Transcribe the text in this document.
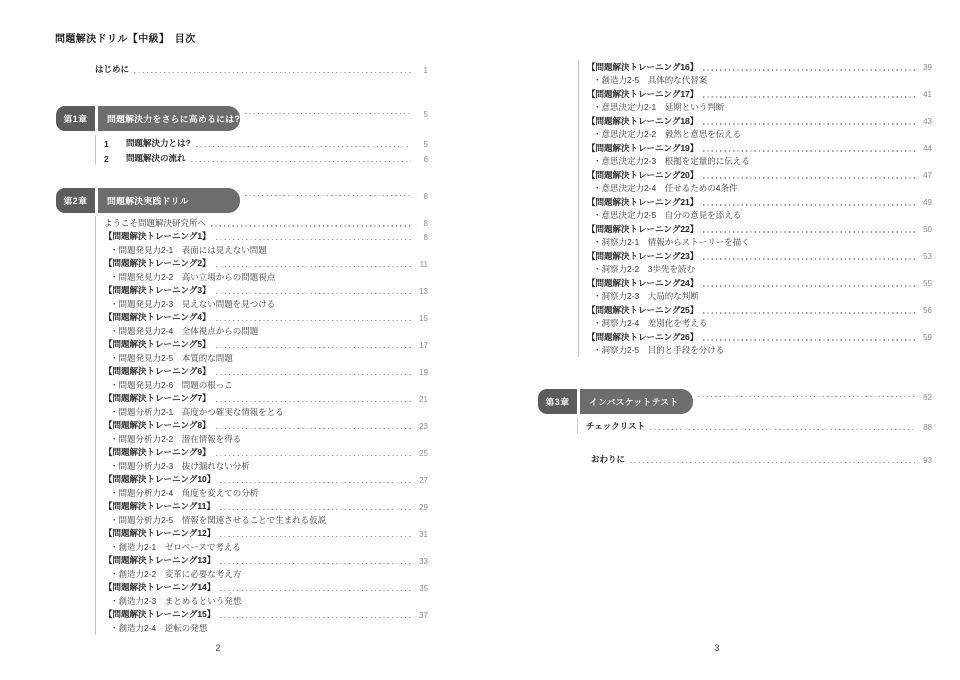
問題解決ドリル【中級】　目次
はじめに	1
第1章	問題解決力をさらに高めるには?	5
1	問題解決力とは?	5
2	問題解決の流れ	6
第2章	問題解決実践ドリル	8
ようこそ問題解決研究所へ	8
【問題解決トレーニング1】	8
・問題発見力2-1　表面には見えない問題
【問題解決トレーニング2】	11
・問題発見力2-2　高い立場からの問題視点
【問題解決トレーニング3】	13
・問題発見力2-3　見えない問題を見つける
【問題解決トレーニング4】	15
・問題発見力2-4　全体視点からの問題
【問題解決トレーニング5】	17
・問題発見力2-5　本質的な問題
【問題解決トレーニング6】	19
・問題発見力2-6　問題の根っこ
【問題解決トレーニング7】	21
・問題分析力2-1　高度かつ確実な情報をとる
【問題解決トレーニング8】	23
・問題分析力2-2　潜在情報を得る
【問題解決トレーニング9】	25
・問題分析力2-3　抜け漏れない分析
【問題解決トレーニング10】	27
・問題分析力2-4　角度を変えての分析
【問題解決トレーニング11】	29
・問題分析力2-5　情報を関連させることで生まれる仮説
【問題解決トレーニング12】	31
・創造力2-1　ゼロベースで考える
【問題解決トレーニング13】	33
・創造力2-2　変革に必要な考え方
【問題解決トレーニング14】	35
・創造力2-3　まとめるという発想
【問題解決トレーニング15】	37
・創造力2-4　逆転の発想
2
【問題解決トレーニング16】	39
・創造力2-5　具体的な代替案
【問題解決トレーニング17】	41
・意思決定力2-1　延期という判断
【問題解決トレーニング18】	43
・意思決定力2-2　毅然と意思を伝える
【問題解決トレーニング19】	44
・意思決定力2-3　根拠を定量的に伝える
【問題解決トレーニング20】	47
・意思決定力2-4　任せるための4条件
【問題解決トレーニング21】	49
・意思決定力2-5　自分の意見を添える
【問題解決トレーニング22】	50
・洞察力2-1　情報からストーリーを描く
【問題解決トレーニング23】	53
・洞察力2-2　3歩先を読む
【問題解決トレーニング24】	55
・洞察力2-3　大局的な判断
【問題解決トレーニング25】	56
・洞察力2-4　差別化を考える
【問題解決トレーニング26】	59
・洞察力2-5　目的と手段を分ける
第3章	インバスケットテスト	62
チェックリスト	88
おわりに	93
3
